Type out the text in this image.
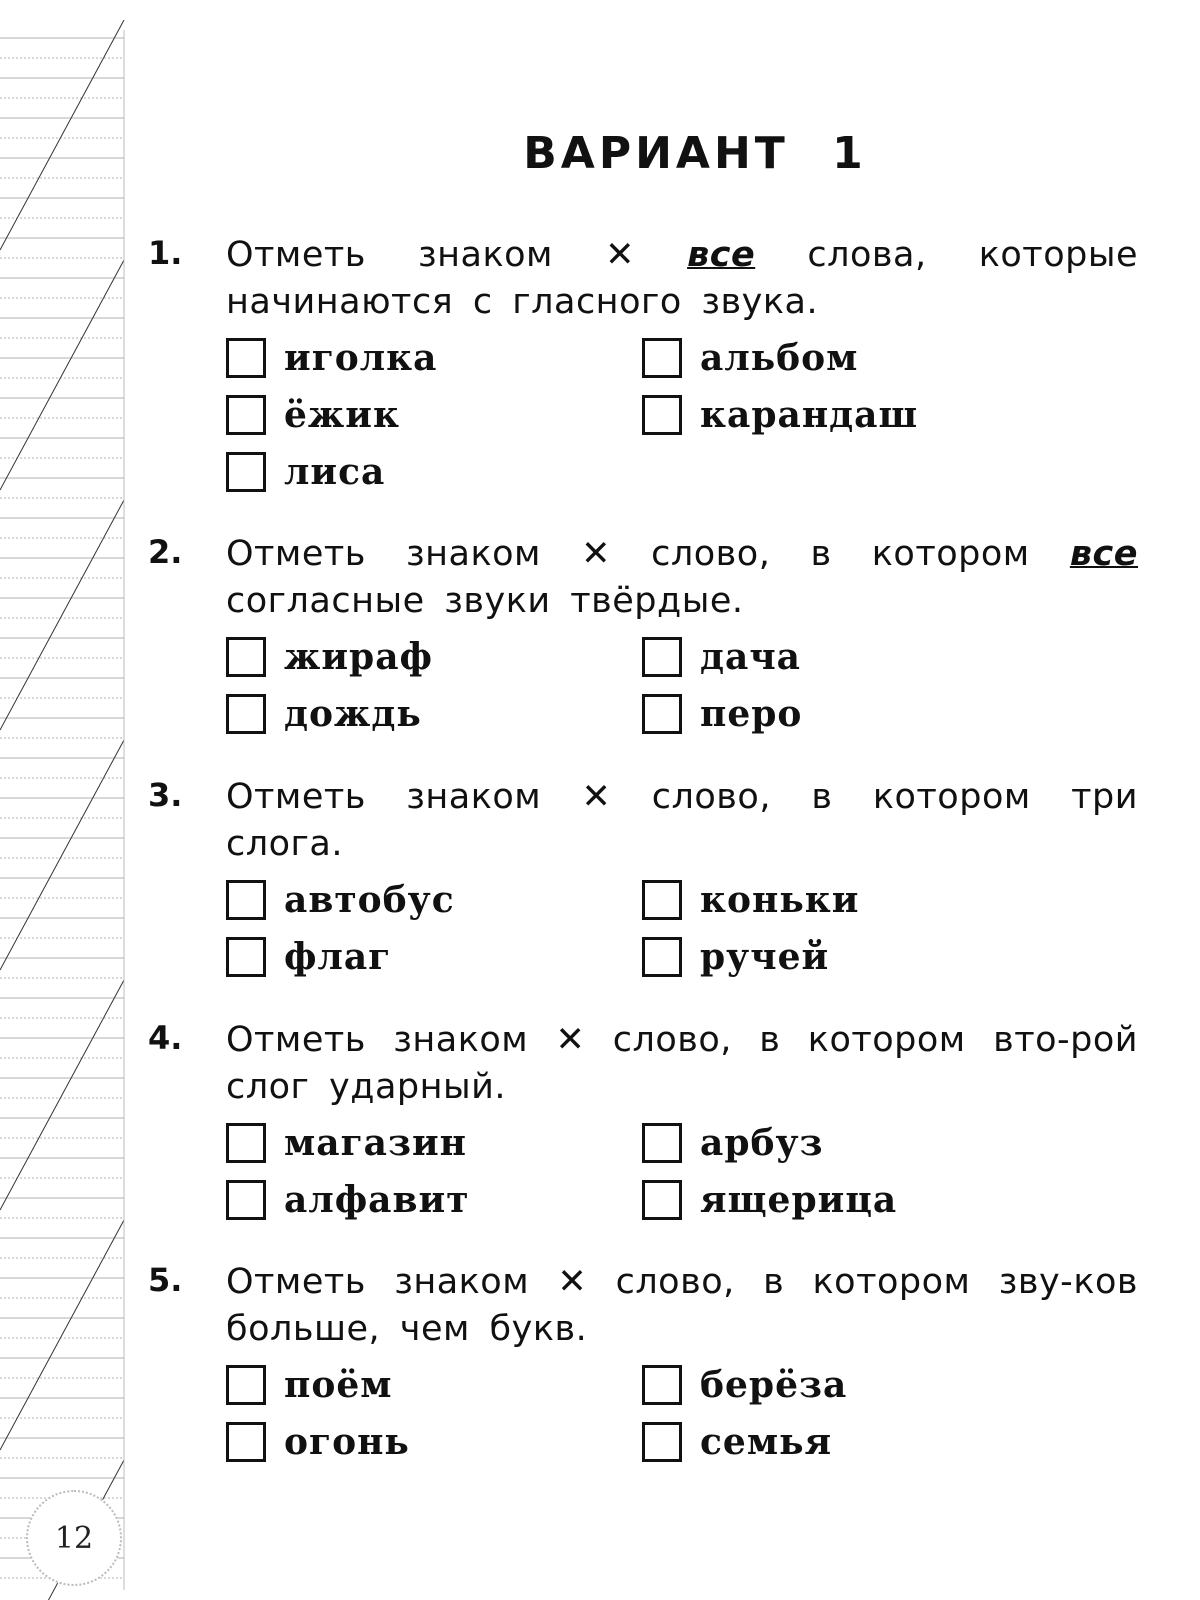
12
ВАРИАНТ 1
1. Отметь знаком ✕ все слова, которые начинаются с гласного звука.
иголка	альбом
ёжик	карандаш
лиса
2. Отметь знаком ✕ слово, в котором все согласные звуки твёрдые.
жираф	дача
дождь	перо
3. Отметь знаком ✕ слово, в котором три слога.
автобус	коньки
флаг	ручей
4. Отметь знаком ✕ слово, в котором вто-рой слог ударный.
магазин	арбуз
алфавит	ящерица
5. Отметь знаком ✕ слово, в котором зву-ков больше, чем букв.
поём	берёза
огонь	семья
